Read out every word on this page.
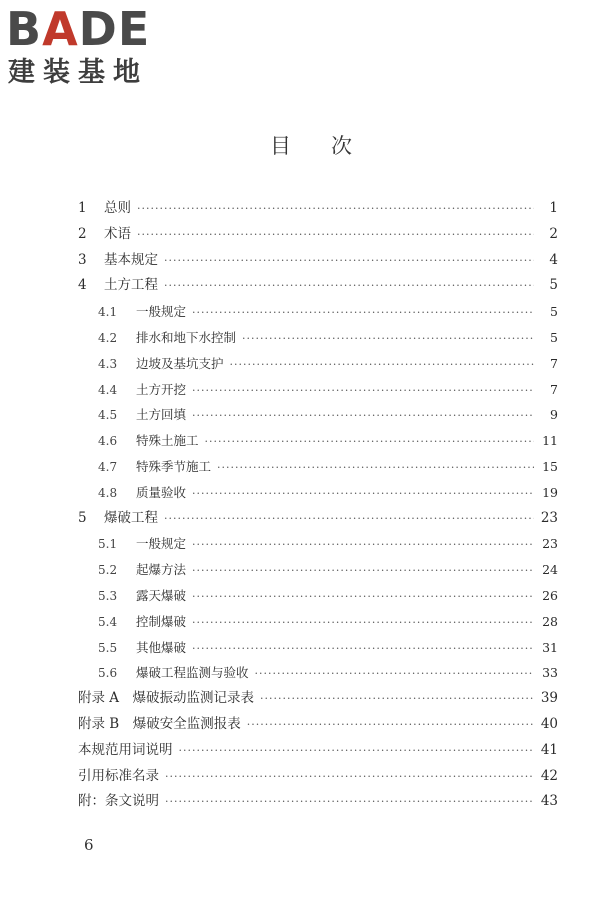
BADE
建装基地
目次
1	总则 ·····	1
2	术语 ·····	2
3	基本规定 ·····	4
4	土方工程 ·····	5
4.1	一般规定 ·····	5
4.2	排水和地下水控制 ·····	5
4.3	边坡及基坑支护 ·····	7
4.4	土方开挖 ·····	7
4.5	土方回填 ·····	9
4.6	特殊土施工 ·····	11
4.7	特殊季节施工 ·····	15
4.8	质量验收 ·····	19
5	爆破工程 ·····	23
5.1	一般规定 ·····	23
5.2	起爆方法 ·····	24
5.3	露天爆破 ·····	26
5.4	控制爆破 ·····	28
5.5	其他爆破 ·····	31
5.6	爆破工程监测与验收 ·····	33
附录 A　爆破振动监测记录表 ·····	39
附录 B　爆破安全监测报表 ·····	40
本规范用词说明 ·····	41
引用标准名录 ·····	42
附：条文说明 ·····	43
6
